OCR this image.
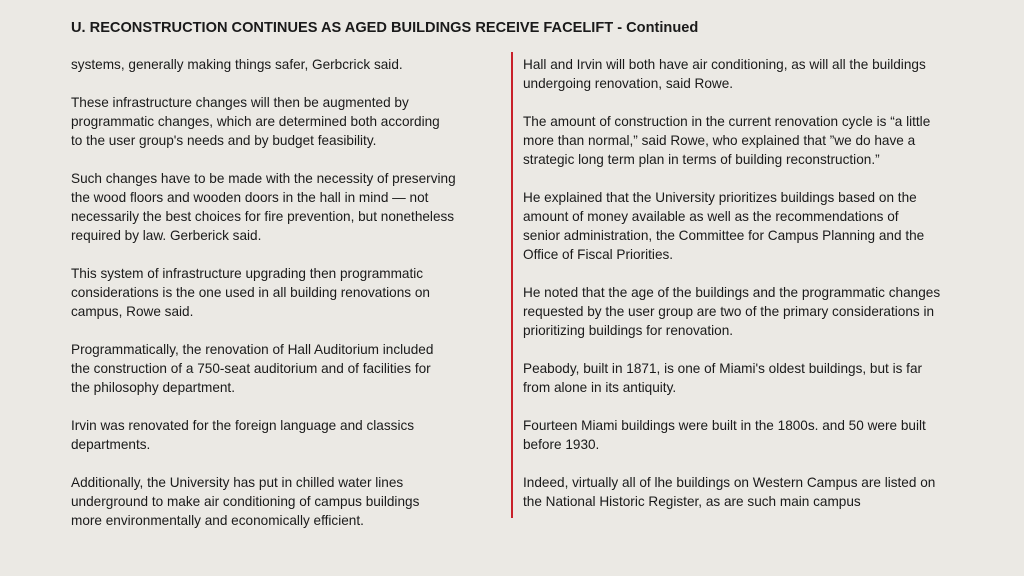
U. RECONSTRUCTION CONTINUES AS AGED BUILDINGS RECEIVE FACELIFT - Continued

systems, generally making things safer, Gerbcrick said.

These infrastructure changes will then be augmented by
programmatic changes, which are determined both according
to the user group's needs and by budget feasibility.

Such changes have to be made with the necessity of preserving
the wood floors and wooden doors in the hall in mind — not
necessarily the best choices for fire prevention, but nonetheless
required by law. Gerberick said.

This system of infrastructure upgrading then programmatic
considerations is the one used in all building renovations on
campus, Rowe said.

Programmatically, the renovation of Hall Auditorium included
the construction of a 750-seat auditorium and of facilities for
the philosophy department.

Irvin was renovated for the foreign language and classics
departments.

Additionally, the University has put in chilled water lines
underground to make air conditioning of campus buildings
more environmentally and economically efficient.

Hall and Irvin will both have air conditioning, as will all the buildings
undergoing renovation, said Rowe.

The amount of construction in the current renovation cycle is “a little
more than normal,” said Rowe, who explained that ”we do have a
strategic long term plan in terms of building reconstruction.”

He explained that the University prioritizes buildings based on the
amount of money available as well as the recommendations of
senior administration, the Committee for Campus Planning and the
Office of Fiscal Priorities.

He noted that the age of the buildings and the programmatic changes
requested by the user group are two of the primary considerations in
prioritizing buildings for renovation.

Peabody, built in 1871, is one of Miami's oldest buildings, but is far
from alone in its antiquity.

Fourteen Miami buildings were built in the 1800s. and 50 were built
before 1930.

Indeed, virtually all of lhe buildings on Western Campus are listed on
the National Historic Register, as are such main campus
